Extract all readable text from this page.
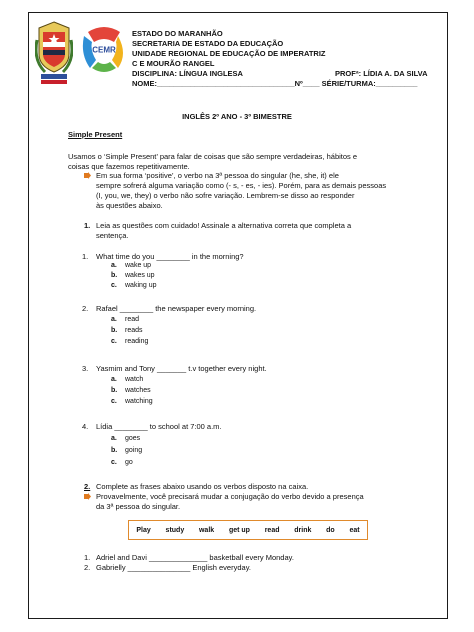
CEMR
ESTADO DO MARANHÃO
SECRETARIA DE ESTADO DA EDUCAÇÃO
UNIDADE REGIONAL DE EDUCAÇÃO DE IMPERATRIZ
C E MOURÃO RANGEL
DISCIPLINA: LÍNGUA INGLESA	PROFª: LÍDIA A. DA SILVA
NOME:_________________________________Nº____ SÉRIE/TURMA:__________
INGLÊS 2º ANO - 3º BIMESTRE
Simple Present
Usamos o ‘Simple Present’ para falar de coisas que são sempre verdadeiras, hábitos e
coisas que fazemos repetitivamente.
Em sua forma ‘positive’, o verbo na 3ª pessoa do singular (he, she, it) ele
sempre sofrerá alguma variação como (- s, - es, - ies). Porém, para as demais pessoas
(I, you, we, they) o verbo não sofre variação. Lembrem-se disso ao responder
às questões abaixo.
1. Leia as questões com cuidado! Assinale a alternativa correta que completa a
sentença.
1. What time do you ________ in the morning?
a. wake up
b. wakes up
c. waking up
2. Rafael ________ the newspaper every morning.
a. read
b. reads
c. reading
3. Yasmim and Tony _______ t.v together every night.
a. watch
b. watches
c. watching
4. Lídia ________ to school at 7:00 a.m.
a. goes
b. going
c. go
2. Complete as frases abaixo usando os verbos disposto na caixa.
Provavelmente, você precisará mudar a conjugação do verbo devido a presença
da 3ª pessoa do singular.
Play study walk get up read drink do eat
1. Adriel and Davi ______________ basketball every Monday.
2. Gabrielly _______________ English everyday.
